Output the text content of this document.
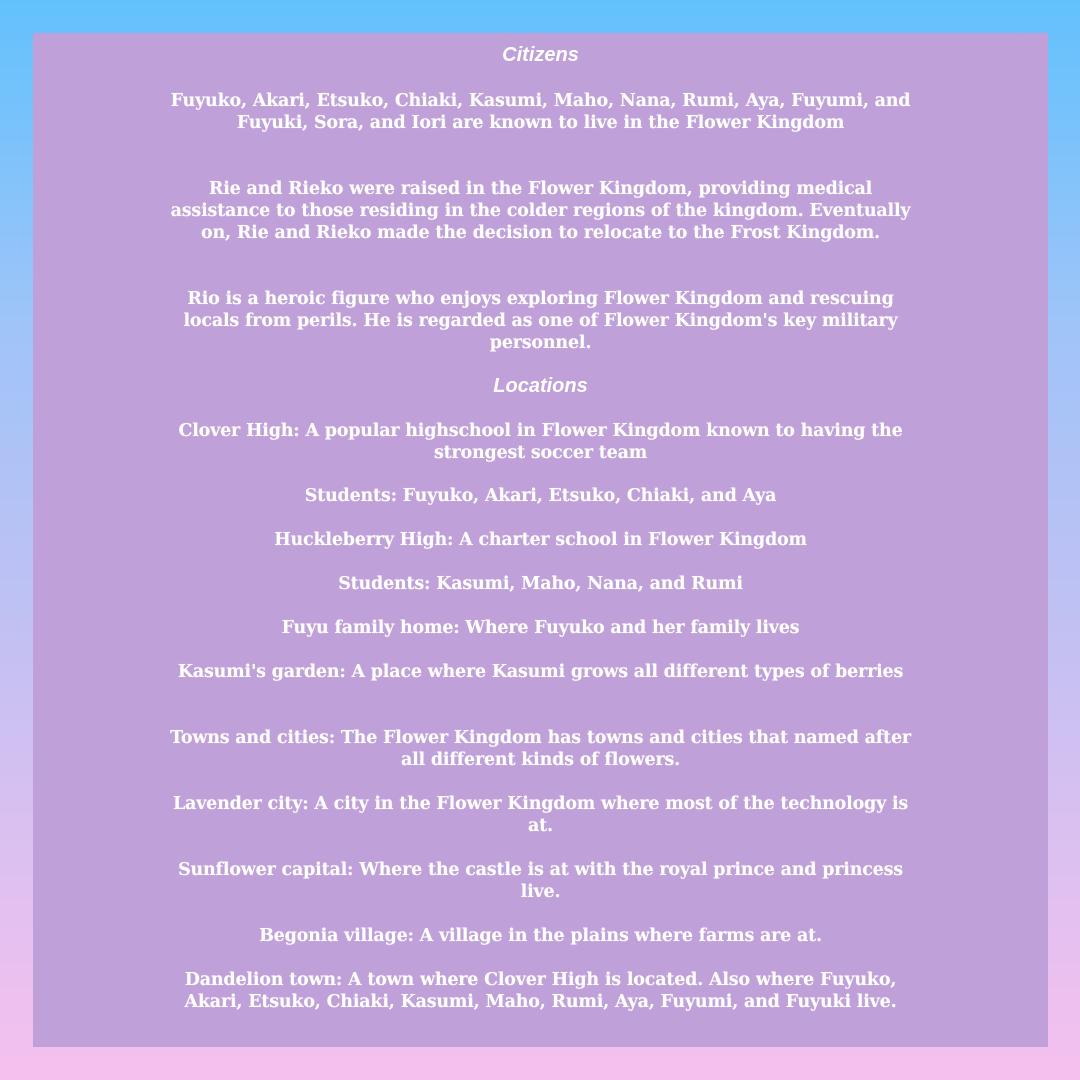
Citizens

Fuyuko, Akari, Etsuko, Chiaki, Kasumi, Maho, Nana, Rumi, Aya, Fuyumi, and Fuyuki, Sora, and Iori are known to live in the Flower Kingdom

Rie and Rieko were raised in the Flower Kingdom, providing medical assistance to those residing in the colder regions of the kingdom. Eventually on, Rie and Rieko made the decision to relocate to the Frost Kingdom.

Rio is a heroic figure who enjoys exploring Flower Kingdom and rescuing locals from perils. He is regarded as one of Flower Kingdom's key military personnel.

Locations

Clover High: A popular highschool in Flower Kingdom known to having the strongest soccer team

Students: Fuyuko, Akari, Etsuko, Chiaki, and Aya

Huckleberry High: A charter school in Flower Kingdom

Students: Kasumi, Maho, Nana, and Rumi

Fuyu family home: Where Fuyuko and her family lives

Kasumi's garden: A place where Kasumi grows all different types of berries

Towns and cities: The Flower Kingdom has towns and cities that named after all different kinds of flowers.

Lavender city: A city in the Flower Kingdom where most of the technology is at.

Sunflower capital: Where the castle is at with the royal prince and princess live.

Begonia village: A village in the plains where farms are at.

Dandelion town: A town where Clover High is located. Also where Fuyuko, Akari, Etsuko, Chiaki, Kasumi, Maho, Rumi, Aya, Fuyumi, and Fuyuki live.
